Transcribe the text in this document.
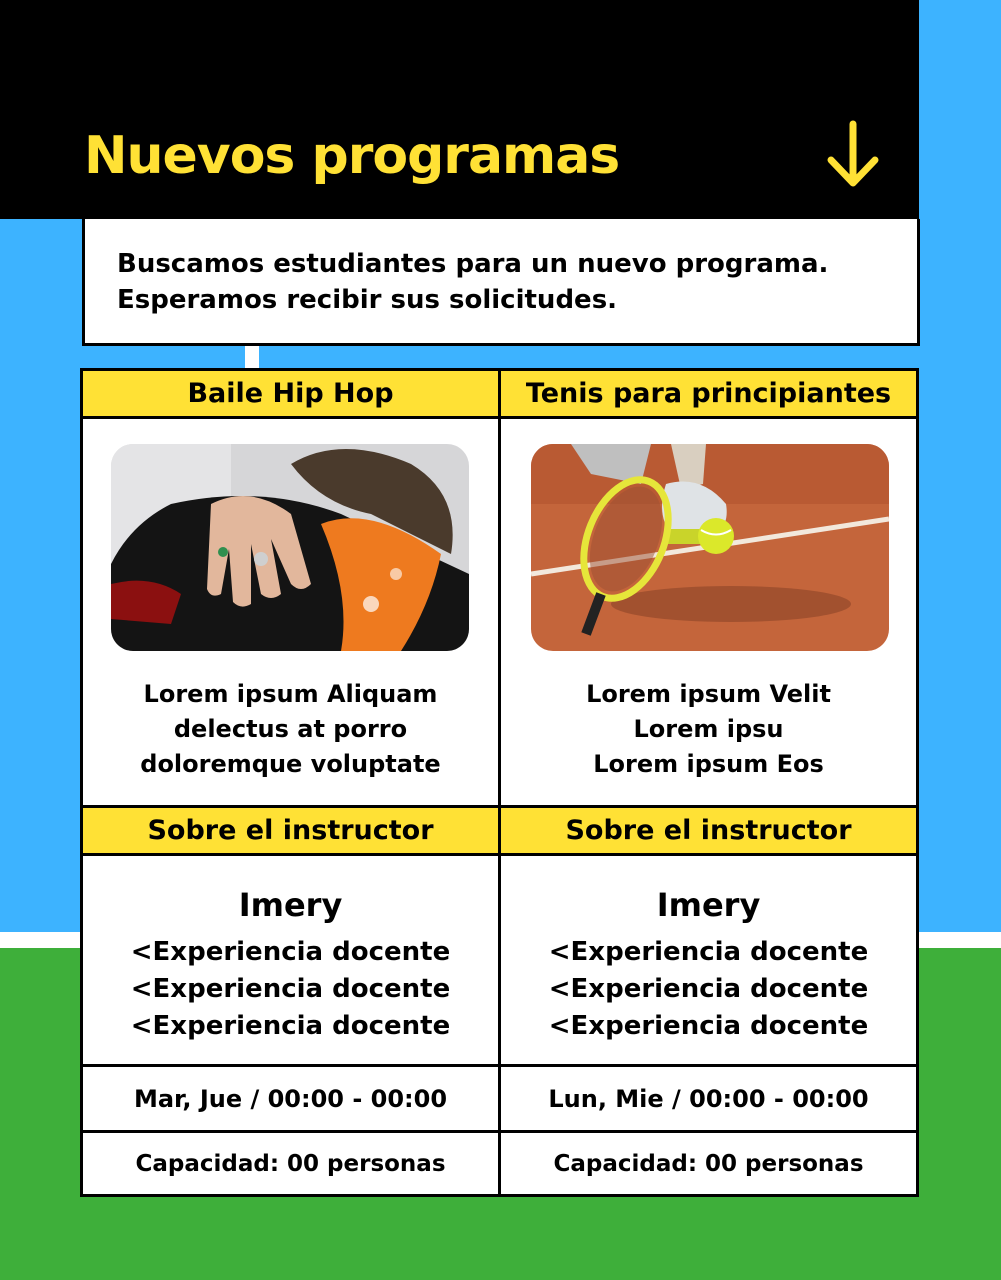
Nuevos programas

Buscamos estudiantes para un nuevo programa.

Esperamos recibir sus solicitudes.

Baile Hip Hop
Lorem ipsum Aliquam
delectus at porro
doloremque voluptate
Sobre el instructor
Imery
<Experiencia docente
<Experiencia docente
<Experiencia docente
Mar, Jue / 00:00 - 00:00
Capacidad: 00 personas
Tenis para principiantes
Lorem ipsum Velit
Lorem ipsu
Lorem ipsum Eos
Sobre el instructor
Imery
<Experiencia docente
<Experiencia docente
<Experiencia docente
Lun, Mie / 00:00 - 00:00
Capacidad: 00 personas
